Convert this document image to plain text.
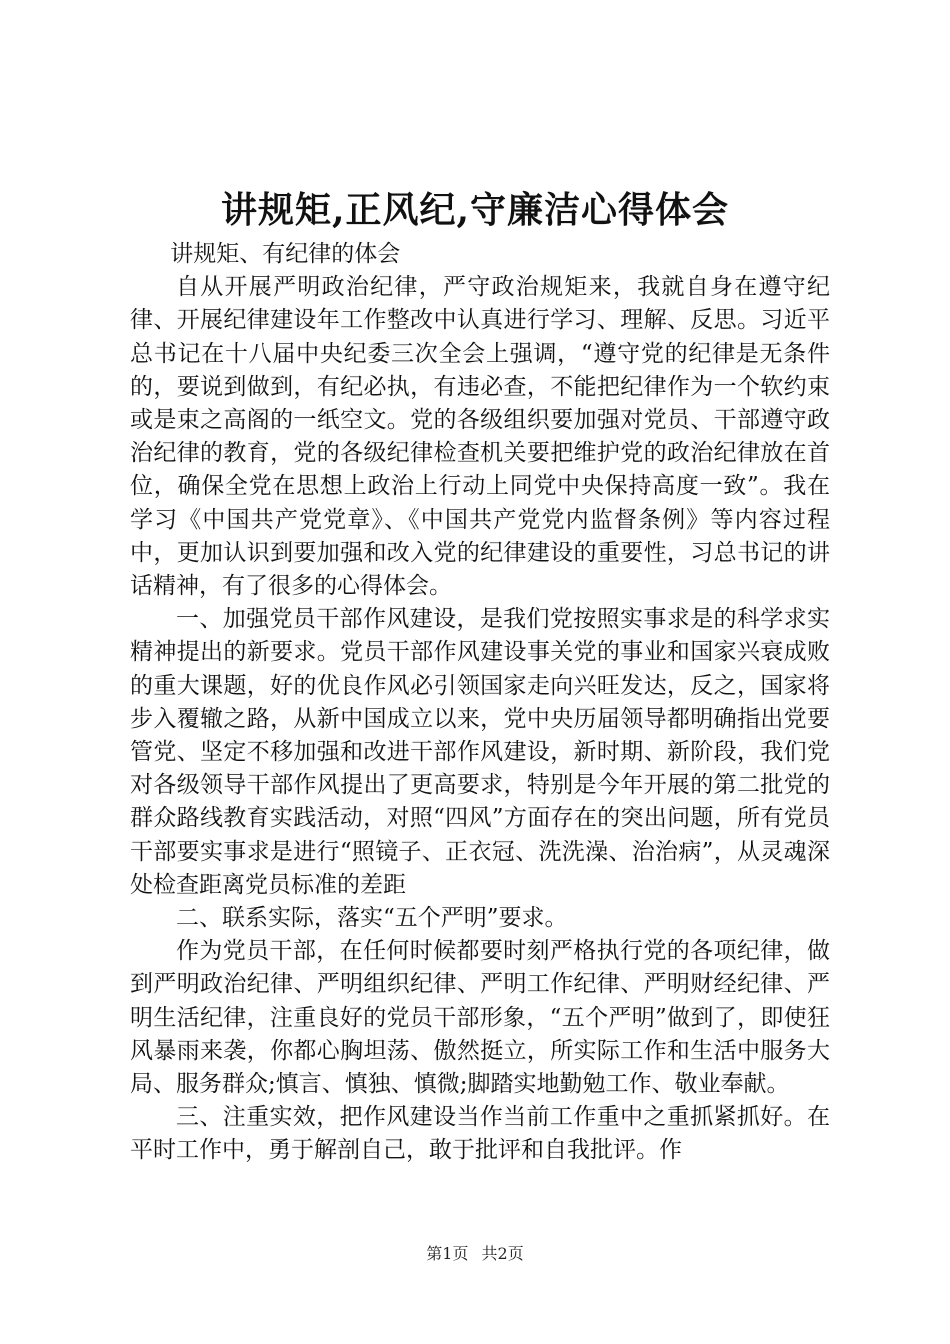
讲规矩,正风纪,守廉洁心得体会

讲规矩、有纪律的体会

自从开展严明政治纪律，严守政治规矩来，我就自身在遵守纪律、开展纪律建设年工作整改中认真进行学习、理解、反思。习近平总书记在十八届中央纪委三次全会上强调，“遵守党的纪律是无条件的，要说到做到，有纪必执，有违必查，不能把纪律作为一个软约束或是束之高阁的一纸空文。党的各级组织要加强对党员、干部遵守政治纪律的教育，党的各级纪律检查机关要把维护党的政治纪律放在首位，确保全党在思想上政治上行动上同党中央保持高度一致”。我在学习《中国共产党党章》、《中国共产党党内监督条例》等内容过程中，更加认识到要加强和改入党的纪律建设的重要性，习总书记的讲话精神，有了很多的心得体会。

一、加强党员干部作风建设，是我们党按照实事求是的科学求实精神提出的新要求。党员干部作风建设事关党的事业和国家兴衰成败的重大课题，好的优良作风必引领国家走向兴旺发达，反之，国家将步入覆辙之路，从新中国成立以来，党中央历届领导都明确指出党要管党、坚定不移加强和改进干部作风建设，新时期、新阶段，我们党对各级领导干部作风提出了更高要求，特别是今年开展的第二批党的群众路线教育实践活动，对照“四风”方面存在的突出问题，所有党员干部要实事求是进行“照镜子、正衣冠、洗洗澡、治治病”，从灵魂深处检查距离党员标准的差距

二、联系实际，落实“五个严明”要求。

作为党员干部，在任何时候都要时刻严格执行党的各项纪律，做到严明政治纪律、严明组织纪律、严明工作纪律、严明财经纪律、严明生活纪律，注重良好的党员干部形象，“五个严明”做到了，即使狂风暴雨来袭，你都心胸坦荡、傲然挺立，所实际工作和生活中服务大局、服务群众;慎言、慎独、慎微;脚踏实地勤勉工作、敬业奉献。

三、注重实效，把作风建设当作当前工作重中之重抓紧抓好。在平时工作中，勇于解剖自己，敢于批评和自我批评。作

第1页 共2页
